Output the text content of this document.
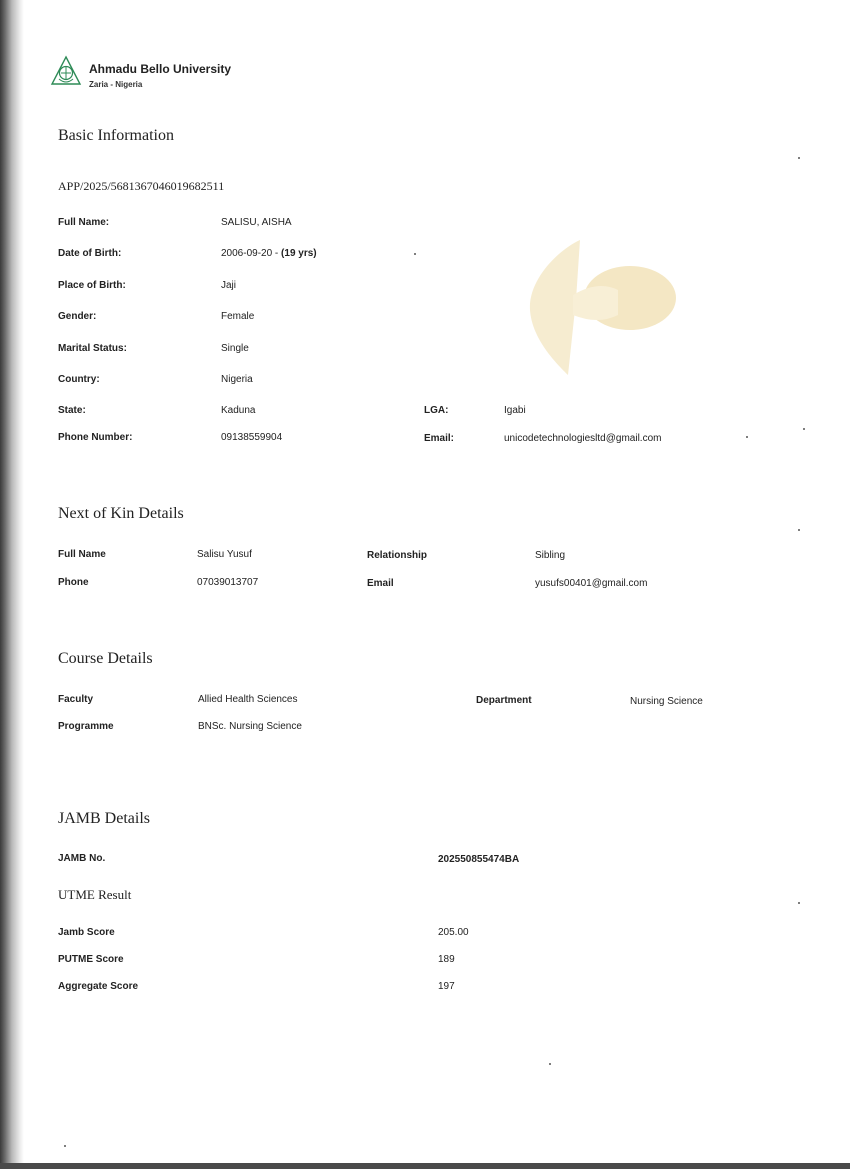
Ahmadu Bello University
Zaria - Nigeria
Basic Information
APP/2025/5681367046019682511
Full Name:	SALISU, AISHA
Date of Birth:	2006-09-20 - (19 yrs)
Place of Birth:	Jaji
Gender:	Female
Marital Status:	Single
Country:	Nigeria
State:	Kaduna	LGA:	Igabi
Phone Number:	09138559904	Email:	unicodetechnologiesltd@gmail.com
Next of Kin Details
Full Name	Salisu Yusuf	Relationship	Sibling
Phone	07039013707	Email	yusufs00401@gmail.com
Course Details
Faculty	Allied Health Sciences	Department	Nursing Science
Programme	BNSc. Nursing Science
JAMB Details
JAMB No.	202550855474BA
UTME Result
Jamb Score	205.00
PUTME Score	189
Aggregate Score	197
